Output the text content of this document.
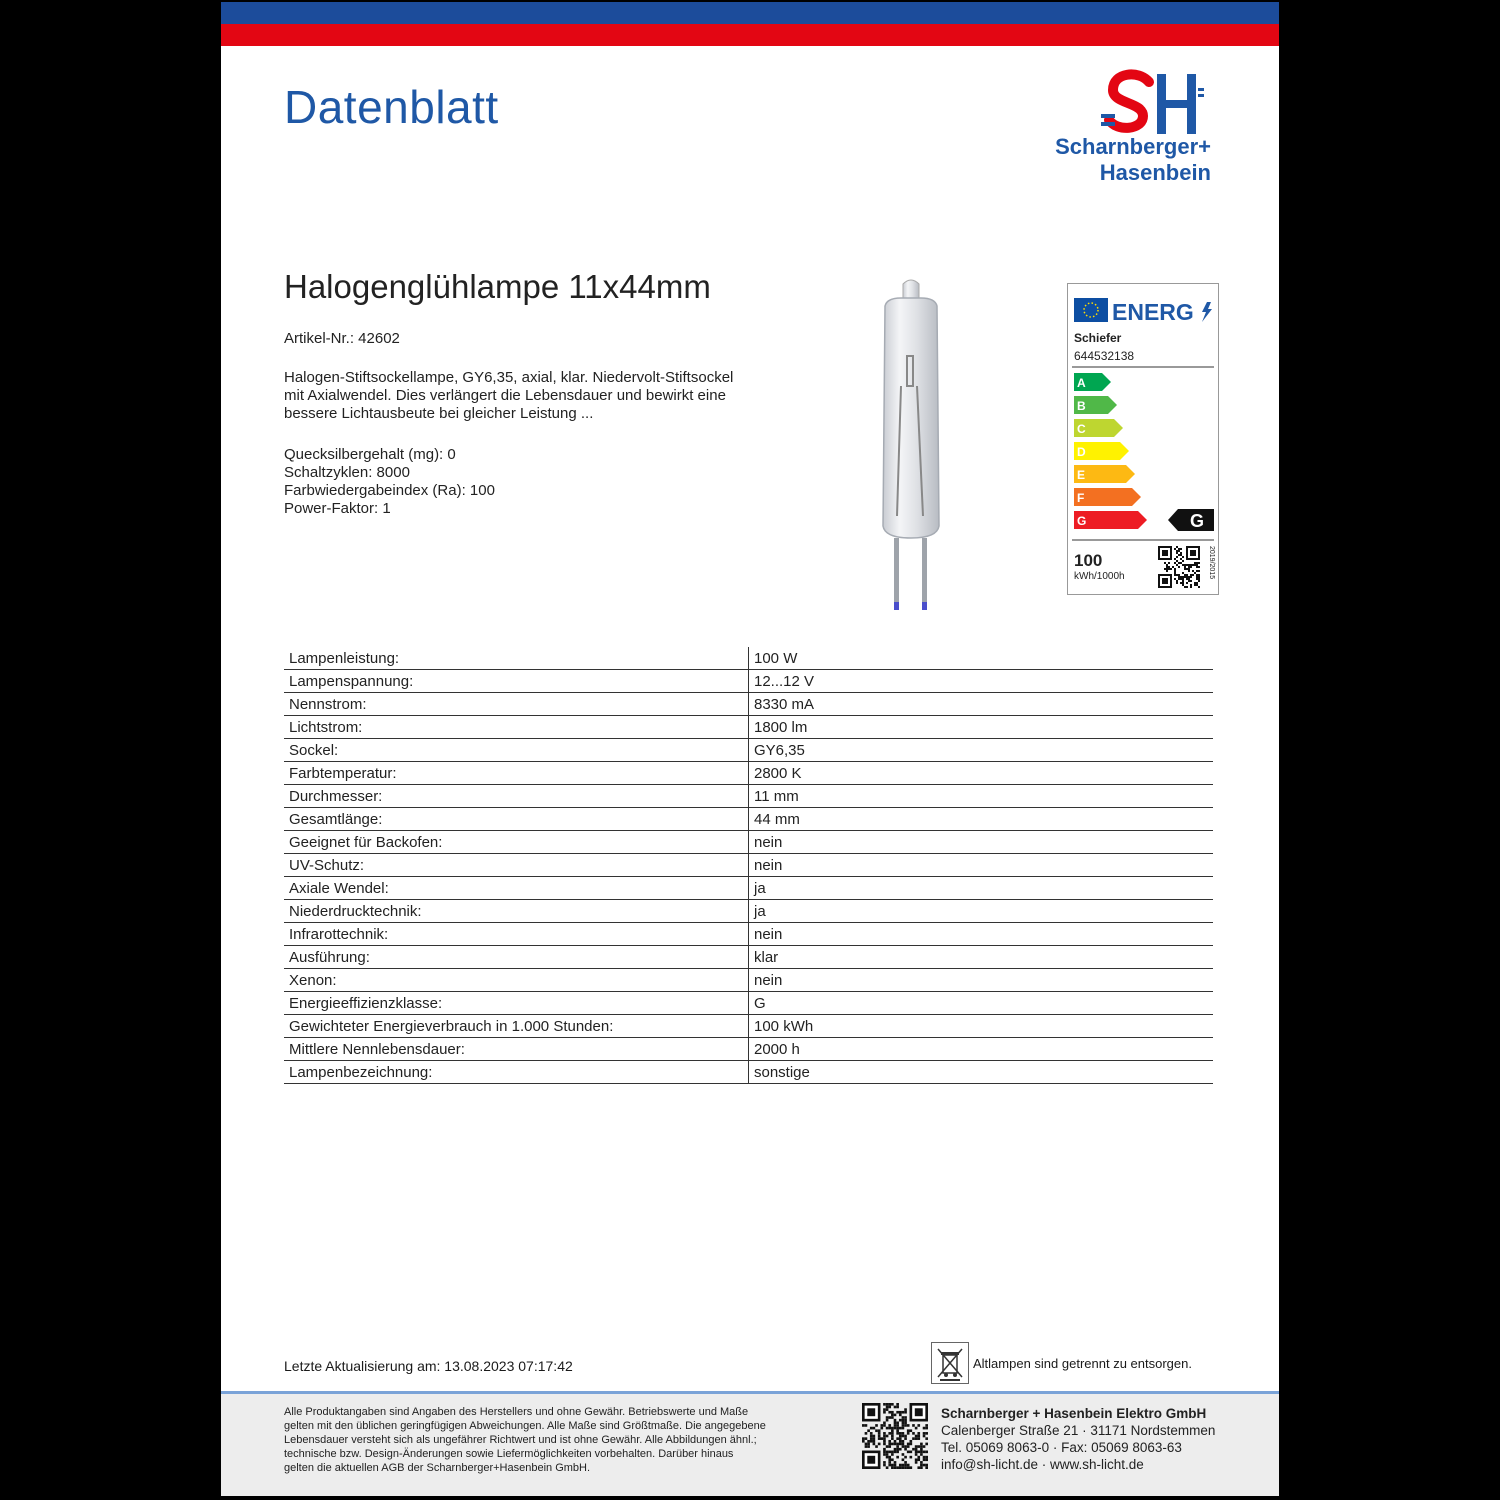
Datenblatt
Scharnberger+
Hasenbein
Halogenglühlampe 11x44mm
Artikel-Nr.: 42602
Halogen-Stiftsockellampe, GY6,35, axial, klar. Niedervolt-Stiftsockel
mit Axialwendel. Dies verlängert die Lebensdauer und bewirkt eine
bessere Lichtausbeute bei gleicher Leistung ...
Quecksilbergehalt (mg): 0
Schaltzyklen: 8000
Farbwiedergabeindex (Ra): 100
Power-Faktor: 1
ENERG
Schiefer
644532138
A
B
C
D
E
F
G	G
100
kWh/1000h	2019/2015
Lampenleistung:	100 W
Lampenspannung:	12...12 V
Nennstrom:	8330 mA
Lichtstrom:	1800 lm
Sockel:	GY6,35
Farbtemperatur:	2800 K
Durchmesser:	11 mm
Gesamtlänge:	44 mm
Geeignet für Backofen:	nein
UV-Schutz:	nein
Axiale Wendel:	ja
Niederdrucktechnik:	ja
Infrarottechnik:	nein
Ausführung:	klar
Xenon:	nein
Energieeffizienzklasse:	G
Gewichteter Energieverbrauch in 1.000 Stunden:	100 kWh
Mittlere Nennlebensdauer:	2000 h
Lampenbezeichnung:	sonstige
Letzte Aktualisierung am: 13.08.2023 07:17:42	Altlampen sind getrennt zu entsorgen.
Alle Produktangaben sind Angaben des Herstellers und ohne Gewähr. Betriebswerte und Maße
gelten mit den üblichen geringfügigen Abweichungen. Alle Maße sind Größtmaße. Die angegebene
Lebensdauer versteht sich als ungefährer Richtwert und ist ohne Gewähr. Alle Abbildungen ähnl.;
technische bzw. Design-Änderungen sowie Liefermöglichkeiten vorbehalten. Darüber hinaus
gelten die aktuellen AGB der Scharnberger+Hasenbein GmbH.
Scharnberger + Hasenbein Elektro GmbH
Calenberger Straße 21 · 31171 Nordstemmen
Tel. 05069 8063-0 · Fax: 05069 8063-63
info@sh-licht.de · www.sh-licht.de
